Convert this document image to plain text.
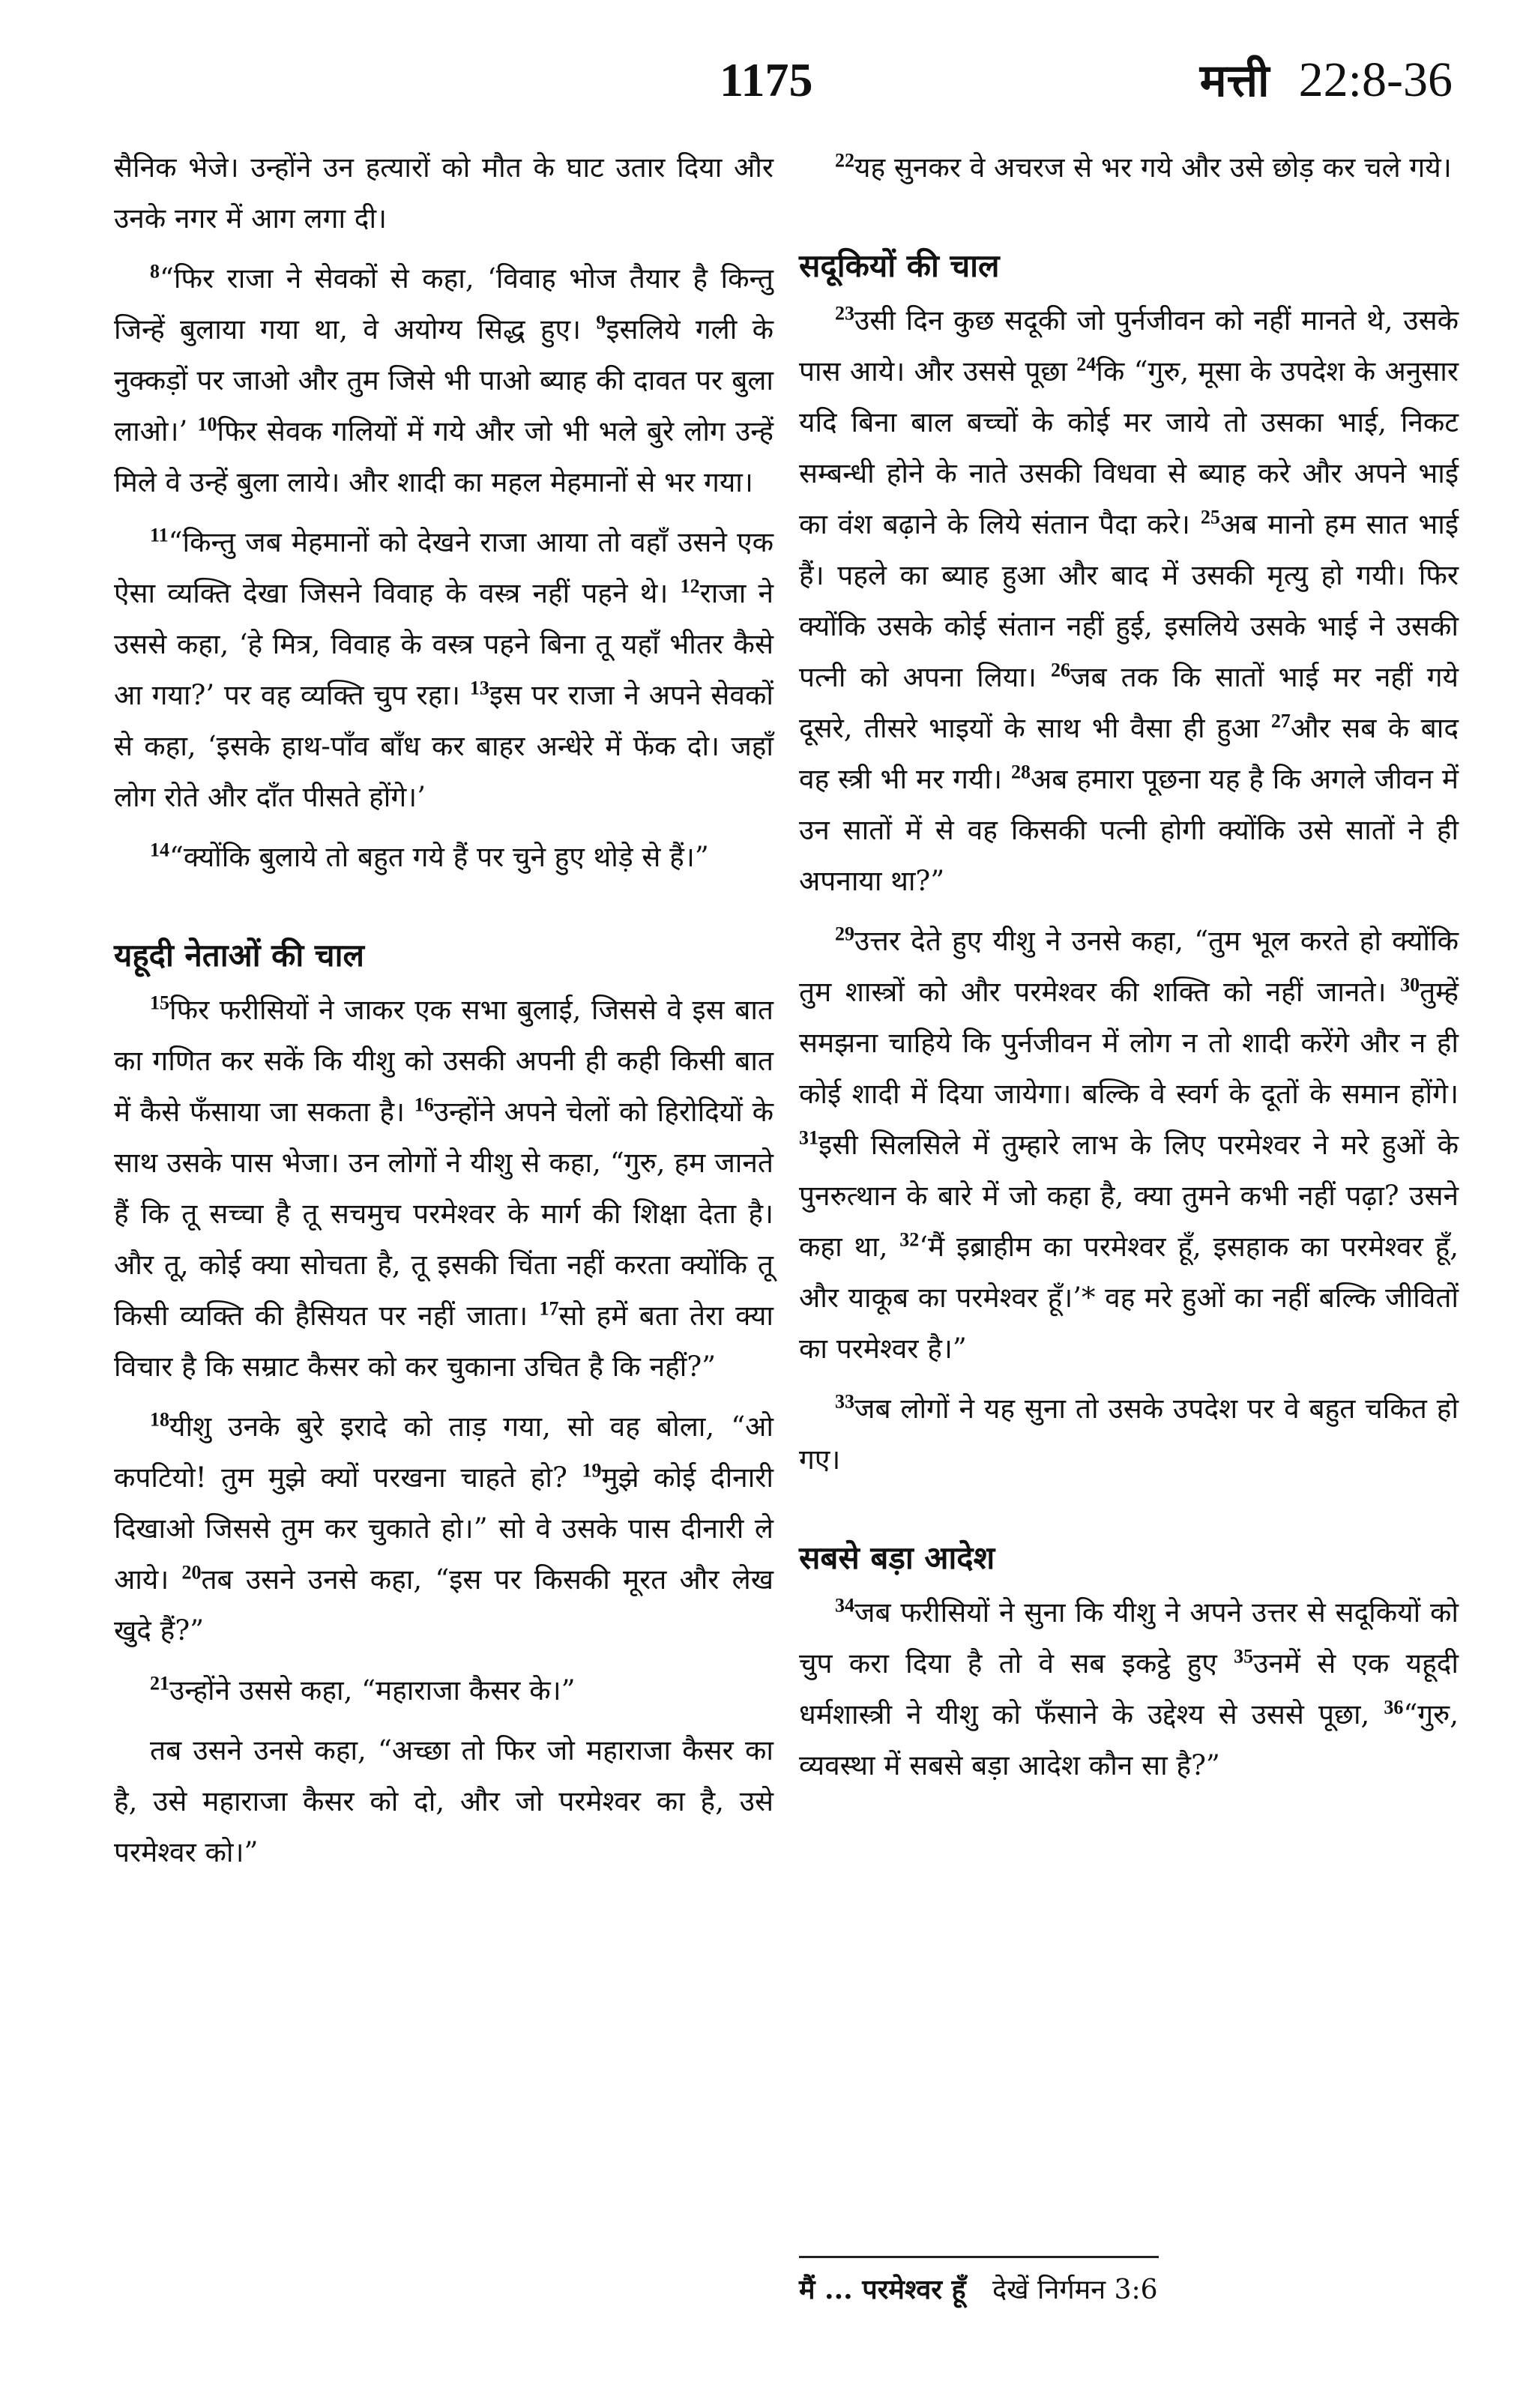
1175	मत्ती 22:8-36

सैनिक भेजे। उन्होंने उन हत्यारों को मौत के घाट उतार दिया और उनके नगर में आग लगा दी।

$^8$“फिर राजा ने सेवकों से कहा, ‘विवाह भोज तैयार है किन्तु जिन्हें बुलाया गया था, वे अयोग्य सिद्ध हुए। $^9$इसलिये गली के नुक्कड़ों पर जाओ और तुम जिसे भी पाओ ब्याह की दावत पर बुला लाओ।’ $^{10}$फिर सेवक गलियों में गये और जो भी भले बुरे लोग उन्हें मिले वे उन्हें बुला लाये। और शादी का महल मेहमानों से भर गया।

$^{11}$“किन्तु जब मेहमानों को देखने राजा आया तो वहाँ उसने एक ऐसा व्यक्ति देखा जिसने विवाह के वस्त्र नहीं पहने थे। $^{12}$राजा ने उससे कहा, ‘हे मित्र, विवाह के वस्त्र पहने बिना तू यहाँ भीतर कैसे आ गया?’ पर वह व्यक्ति चुप रहा। $^{13}$इस पर राजा ने अपने सेवकों से कहा, ‘इसके हाथ-पाँव बाँध कर बाहर अन्धेरे में फेंक दो। जहाँ लोग रोते और दाँत पीसते होंगे।’

$^{14}$“क्योंकि बुलाये तो बहुत गये हैं पर चुने हुए थोड़े से हैं।”

यहूदी नेताओं की चाल

$^{15}$फिर फरीसियों ने जाकर एक सभा बुलाई, जिससे वे इस बात का गणित कर सकें कि यीशु को उसकी अपनी ही कही किसी बात में कैसे फँसाया जा सकता है। $^{16}$उन्होंने अपने चेलों को हिरोदियों के साथ उसके पास भेजा। उन लोगों ने यीशु से कहा, “गुरु, हम जानते हैं कि तू सच्चा है तू सचमुच परमेश्वर के मार्ग की शिक्षा देता है। और तू, कोई क्या सोचता है, तू इसकी चिंता नहीं करता क्योंकि तू किसी व्यक्ति की हैसियत पर नहीं जाता। $^{17}$सो हमें बता तेरा क्या विचार है कि सम्राट कैसर को कर चुकाना उचित है कि नहीं?”

$^{18}$यीशु उनके बुरे इरादे को ताड़ गया, सो वह बोला, “ओ कपटियो! तुम मुझे क्यों परखना चाहते हो? $^{19}$मुझे कोई दीनारी दिखाओ जिससे तुम कर चुकाते हो।” सो वे उसके पास दीनारी ले आये। $^{20}$तब उसने उनसे कहा, “इस पर किसकी मूरत और लेख खुदे हैं?”

$^{21}$उन्होंने उससे कहा, “महाराजा कैसर के।”

तब उसने उनसे कहा, “अच्छा तो फिर जो महाराजा कैसर का है, उसे महाराजा कैसर को दो, और जो परमेश्वर का है, उसे परमेश्वर को।”

$^{22}$यह सुनकर वे अचरज से भर गये और उसे छोड़ कर चले गये।

सदूकियों की चाल

$^{23}$उसी दिन कुछ सदूकी जो पुर्नजीवन को नहीं मानते थे, उसके पास आये। और उससे पूछा $^{24}$कि “गुरु, मूसा के उपदेश के अनुसार यदि बिना बाल बच्चों के कोई मर जाये तो उसका भाई, निकट सम्बन्धी होने के नाते उसकी विधवा से ब्याह करे और अपने भाई का वंश बढ़ाने के लिये संतान पैदा करे। $^{25}$अब मानो हम सात भाई हैं। पहले का ब्याह हुआ और बाद में उसकी मृत्यु हो गयी। फिर क्योंकि उसके कोई संतान नहीं हुई, इसलिये उसके भाई ने उसकी पत्नी को अपना लिया। $^{26}$जब तक कि सातों भाई मर नहीं गये दूसरे, तीसरे भाइयों के साथ भी वैसा ही हुआ $^{27}$और सब के बाद वह स्त्री भी मर गयी। $^{28}$अब हमारा पूछना यह है कि अगले जीवन में उन सातों में से वह किसकी पत्नी होगी क्योंकि उसे सातों ने ही अपनाया था?”

$^{29}$उत्तर देते हुए यीशु ने उनसे कहा, “तुम भूल करते हो क्योंकि तुम शास्त्रों को और परमेश्वर की शक्ति को नहीं जानते। $^{30}$तुम्हें समझना चाहिये कि पुर्नजीवन में लोग न तो शादी करेंगे और न ही कोई शादी में दिया जायेगा। बल्कि वे स्वर्ग के दूतों के समान होंगे। $^{31}$इसी सिलसिले में तुम्हारे लाभ के लिए परमेश्वर ने मरे हुओं के पुनरुत्थान के बारे में जो कहा है, क्या तुमने कभी नहीं पढ़ा? उसने कहा था, $^{32}$‘मैं इब्राहीम का परमेश्वर हूँ, इसहाक का परमेश्वर हूँ, और याकूब का परमेश्वर हूँ।’* वह मरे हुओं का नहीं बल्कि जीवितों का परमेश्वर है।”

$^{33}$जब लोगों ने यह सुना तो उसके उपदेश पर वे बहुत चकित हो गए।

सबसे बड़ा आदेश

$^{34}$जब फरीसियों ने सुना कि यीशु ने अपने उत्तर से सदूकियों को चुप करा दिया है तो वे सब इकट्ठे हुए $^{35}$उनमें से एक यहूदी धर्मशास्त्री ने यीशु को फँसाने के उद्देश्य से उससे पूछा, $^{36}$“गुरु, व्यवस्था में सबसे बड़ा आदेश कौन सा है?”

मैं ... परमेश्वर हूँ देखें निर्गमन 3:6
